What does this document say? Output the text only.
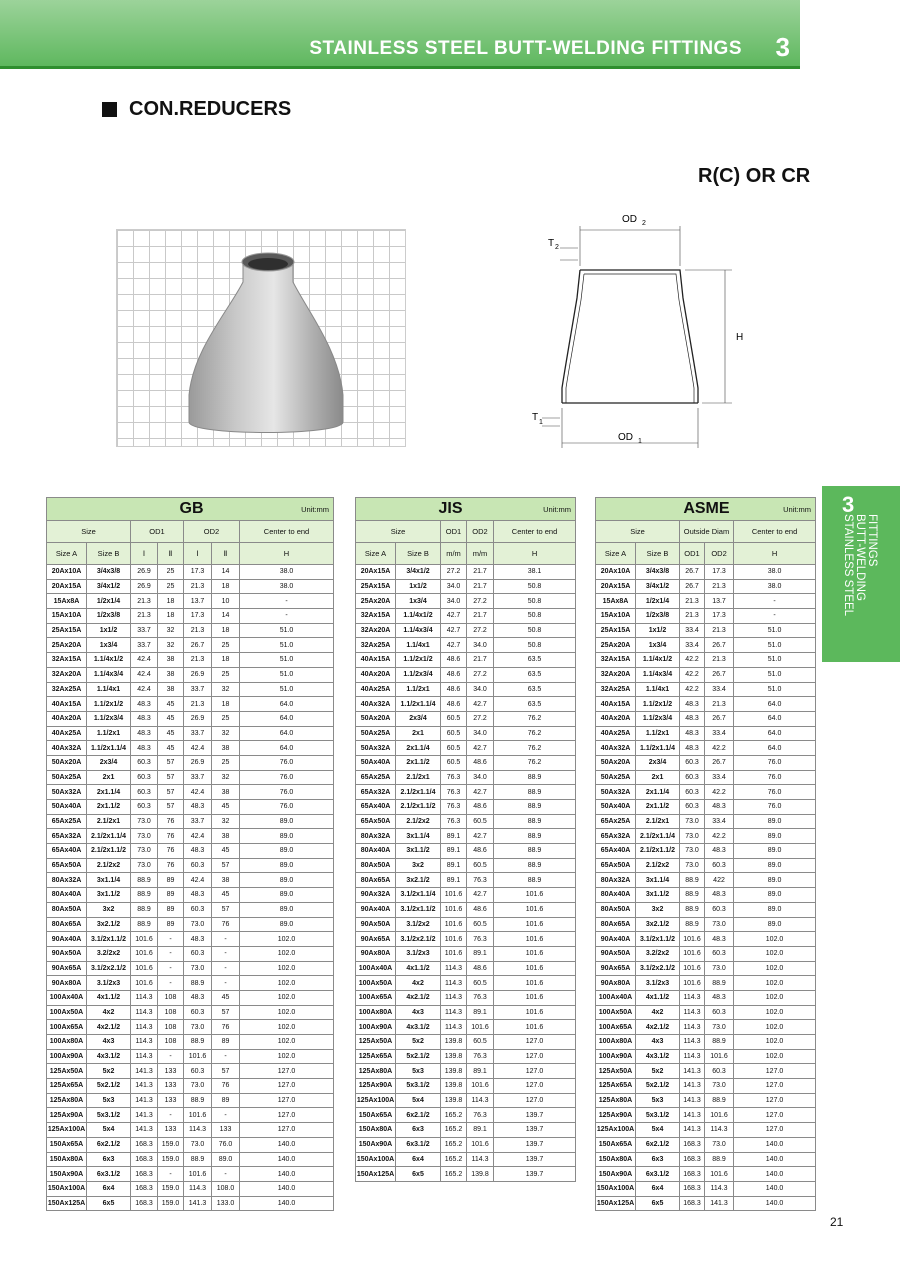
STAINLESS STEEL BUTT-WELDING FITTINGS 3
CON.REDUCERS
R(C) OR CR
OD 2
T 2
H
T 1
OD 1
3
STAINLESS STEEL BUTT-WELDING FITTINGS
GB					Unit:mm	
Size		OD1		OD2		Center to end
Size A	Size B	Ⅰ	Ⅱ	Ⅰ	Ⅱ	H
20Ax10A	3/4x3/8	26.9	25	17.3	14	38.0
20Ax15A	3/4x1/2	26.9	25	21.3	18	38.0
15Ax8A	1/2x1/4	21.3	18	13.7	10	-
15Ax10A	1/2x3/8	21.3	18	17.3	14	-
25Ax15A	1x1/2	33.7	32	21.3	18	51.0
25Ax20A	1x3/4	33.7	32	26.7	25	51.0
32Ax15A	1.1/4x1/2	42.4	38	21.3	18	51.0
32Ax20A	1.1/4x3/4	42.4	38	26.9	25	51.0
32Ax25A	1.1/4x1	42.4	38	33.7	32	51.0
40Ax15A	1.1/2x1/2	48.3	45	21.3	18	64.0
40Ax20A	1.1/2x3/4	48.3	45	26.9	25	64.0
40Ax25A	1.1/2x1	48.3	45	33.7	32	64.0
40Ax32A	1.1/2x1.1/4	48.3	45	42.4	38	64.0
50Ax20A	2x3/4	60.3	57	26.9	25	76.0
50Ax25A	2x1	60.3	57	33.7	32	76.0
50Ax32A	2x1.1/4	60.3	57	42.4	38	76.0
50Ax40A	2x1.1/2	60.3	57	48.3	45	76.0
65Ax25A	2.1/2x1	73.0	76	33.7	32	89.0
65Ax32A	2.1/2x1.1/4	73.0	76	42.4	38	89.0
65Ax40A	2.1/2x1.1/2	73.0	76	48.3	45	89.0
65Ax50A	2.1/2x2	73.0	76	60.3	57	89.0
80Ax32A	3x1.1/4	88.9	89	42.4	38	89.0
80Ax40A	3x1.1/2	88.9	89	48.3	45	89.0
80Ax50A	3x2	88.9	89	60.3	57	89.0
80Ax65A	3x2.1/2	88.9	89	73.0	76	89.0
90Ax40A	3.1/2x1.1/2	101.6	-	48.3	-	102.0
90Ax50A	3.2/2x2	101.6	-	60.3	-	102.0
90Ax65A	3.1/2x2.1/2	101.6	-	73.0	-	102.0
90Ax80A	3.1/2x3	101.6	-	88.9	-	102.0
100Ax40A	4x1.1/2	114.3	108	48.3	45	102.0
100Ax50A	4x2	114.3	108	60.3	57	102.0
100Ax65A	4x2.1/2	114.3	108	73.0	76	102.0
100Ax80A	4x3	114.3	108	88.9	89	102.0
100Ax90A	4x3.1/2	114.3	-	101.6	-	102.0
125Ax50A	5x2	141.3	133	60.3	57	127.0
125Ax65A	5x2.1/2	141.3	133	73.0	76	127.0
125Ax80A	5x3	141.3	133	88.9	89	127.0
125Ax90A	5x3.1/2	141.3	-	101.6	-	127.0
125Ax100A	5x4	141.3	133	114.3	133	127.0
150Ax65A	6x2.1/2	168.3	159.0	73.0	76.0	140.0
150Ax80A	6x3	168.3	159.0	88.9	89.0	140.0
150Ax90A	6x3.1/2	168.3	-	101.6	-	140.0
150Ax100A	6x4	168.3	159.0	114.3	108.0	140.0
150Ax125A	6x5	168.3	159.0	141.3	133.0	140.0
JIS			Unit:mm	
Size		OD1	OD2	Center to end
Size A	Size B	m/m	m/m	H
20Ax15A	3/4x1/2	27.2	21.7	38.1
25Ax15A	1x1/2	34.0	21.7	50.8
25Ax20A	1x3/4	34.0	27.2	50.8
32Ax15A	1.1/4x1/2	42.7	21.7	50.8
32Ax20A	1.1/4x3/4	42.7	27.2	50.8
32Ax25A	1.1/4x1	42.7	34.0	50.8
40Ax15A	1.1/2x1/2	48.6	21.7	63.5
40Ax20A	1.1/2x3/4	48.6	27.2	63.5
40Ax25A	1.1/2x1	48.6	34.0	63.5
40Ax32A	1.1/2x1.1/4	48.6	42.7	63.5
50Ax20A	2x3/4	60.5	27.2	76.2
50Ax25A	2x1	60.5	34.0	76.2
50Ax32A	2x1.1/4	60.5	42.7	76.2
50Ax40A	2x1.1/2	60.5	48.6	76.2
65Ax25A	2.1/2x1	76.3	34.0	88.9
65Ax32A	2.1/2x1.1/4	76.3	42.7	88.9
65Ax40A	2.1/2x1.1/2	76.3	48.6	88.9
65Ax50A	2.1/2x2	76.3	60.5	88.9
80Ax32A	3x1.1/4	89.1	42.7	88.9
80Ax40A	3x1.1/2	89.1	48.6	88.9
80Ax50A	3x2	89.1	60.5	88.9
80Ax65A	3x2.1/2	89.1	76.3	88.9
90Ax32A	3.1/2x1.1/4	101.6	42.7	101.6
90Ax40A	3.1/2x1.1/2	101.6	48.6	101.6
90Ax50A	3.1/2x2	101.6	60.5	101.6
90Ax65A	3.1/2x2.1/2	101.6	76.3	101.6
90Ax80A	3.1/2x3	101.6	89.1	101.6
100Ax40A	4x1.1/2	114.3	48.6	101.6
100Ax50A	4x2	114.3	60.5	101.6
100Ax65A	4x2.1/2	114.3	76.3	101.6
100Ax80A	4x3	114.3	89.1	101.6
100Ax90A	4x3.1/2	114.3	101.6	101.6
125Ax50A	5x2	139.8	60.5	127.0
125Ax65A	5x2.1/2	139.8	76.3	127.0
125Ax80A	5x3	139.8	89.1	127.0
125Ax90A	5x3.1/2	139.8	101.6	127.0
125Ax100A	5x4	139.8	114.3	127.0
150Ax65A	6x2.1/2	165.2	76.3	139.7
150Ax80A	6x3	165.2	89.1	139.7
150Ax90A	6x3.1/2	165.2	101.6	139.7
150Ax100A	6x4	165.2	114.3	139.7
150Ax125A	6x5	165.2	139.8	139.7
ASME				Unit:mm
Size		Outside Diam		Center to end
Size A	Size B	OD1	OD2	H
20Ax10A	3/4x3/8	26.7	17.3	38.0
20Ax15A	3/4x1/2	26.7	21.3	38.0
15Ax8A	1/2x1/4	21.3	13.7	-
15Ax10A	1/2x3/8	21.3	17.3	-
25Ax15A	1x1/2	33.4	21.3	51.0
25Ax20A	1x3/4	33.4	26.7	51.0
32Ax15A	1.1/4x1/2	42.2	21.3	51.0
32Ax20A	1.1/4x3/4	42.2	26.7	51.0
32Ax25A	1.1/4x1	42.2	33.4	51.0
40Ax15A	1.1/2x1/2	48.3	21.3	64.0
40Ax20A	1.1/2x3/4	48.3	26.7	64.0
40Ax25A	1.1/2x1	48.3	33.4	64.0
40Ax32A	1.1/2x1.1/4	48.3	42.2	64.0
50Ax20A	2x3/4	60.3	26.7	76.0
50Ax25A	2x1	60.3	33.4	76.0
50Ax32A	2x1.1/4	60.3	42.2	76.0
50Ax40A	2x1.1/2	60.3	48.3	76.0
65Ax25A	2.1/2x1	73.0	33.4	89.0
65Ax32A	2.1/2x1.1/4	73.0	42.2	89.0
65Ax40A	2.1/2x1.1/2	73.0	48.3	89.0
65Ax50A	2.1/2x2	73.0	60.3	89.0
80Ax32A	3x1.1/4	88.9	422	89.0
80Ax40A	3x1.1/2	88.9	48.3	89.0
80Ax50A	3x2	88.9	60.3	89.0
80Ax65A	3x2.1/2	88.9	73.0	89.0
90Ax40A	3.1/2x1.1/2	101.6	48.3	102.0
90Ax50A	3.2/2x2	101.6	60.3	102.0
90Ax65A	3.1/2x2.1/2	101.6	73.0	102.0
90Ax80A	3.1/2x3	101.6	88.9	102.0
100Ax40A	4x1.1/2	114.3	48.3	102.0
100Ax50A	4x2	114.3	60.3	102.0
100Ax65A	4x2.1/2	114.3	73.0	102.0
100Ax80A	4x3	114.3	88.9	102.0
100Ax90A	4x3.1/2	114.3	101.6	102.0
125Ax50A	5x2	141.3	60.3	127.0
125Ax65A	5x2.1/2	141.3	73.0	127.0
125Ax80A	5x3	141.3	88.9	127.0
125Ax90A	5x3.1/2	141.3	101.6	127.0
125Ax100A	5x4	141.3	114.3	127.0
150Ax65A	6x2.1/2	168.3	73.0	140.0
150Ax80A	6x3	168.3	88.9	140.0
150Ax90A	6x3.1/2	168.3	101.6	140.0
150Ax100A	6x4	168.3	114.3	140.0
150Ax125A	6x5	168.3	141.3	140.0
21
